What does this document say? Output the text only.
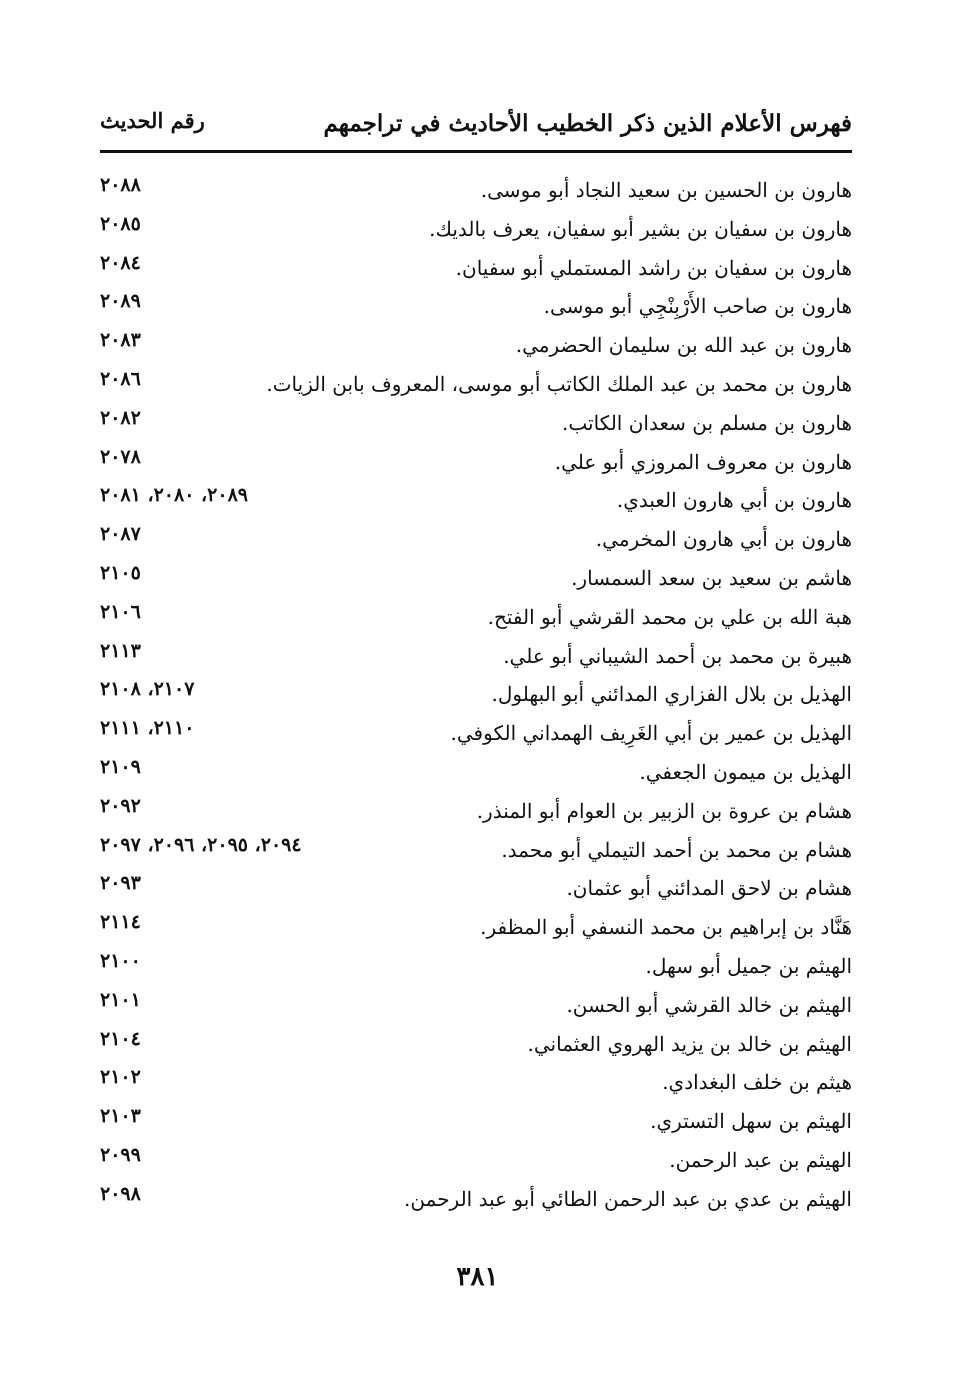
فهرس الأعلام الذين ذكر الخطيب الأحاديث في تراجمهم
رقم الحديث
هارون بن الحسين بن سعيد النجاد أبو موسى.
٢٠٨٨
هارون بن سفيان بن بشير أبو سفيان، يعرف بالديك.
٢٠٨٥
هارون بن سفيان بن راشد المستملي أبو سفيان.
٢٠٨٤
هارون بن صاحب الأَرْبِنْجِي أبو موسى.
٢٠٨٩
هارون بن عبد الله بن سليمان الحضرمي.
٢٠٨٣
هارون بن محمد بن عبد الملك الكاتب أبو موسى، المعروف بابن الزيات.
٢٠٨٦
هارون بن مسلم بن سعدان الكاتب.
٢٠٨٢
هارون بن معروف المروزي أبو علي.
٢٠٧٨
هارون بن أبي هارون العبدي.
٢٠٨٩، ٢٠٨٠، ٢٠٨١
هارون بن أبي هارون المخرمي.
٢٠٨٧
هاشم بن سعيد بن سعد السمسار.
٢١٠٥
هبة الله بن علي بن محمد القرشي أبو الفتح.
٢١٠٦
هبيرة بن محمد بن أحمد الشيباني أبو علي.
٢١١٣
الهذيل بن بلال الفزاري المدائني أبو البهلول.
٢١٠٧، ٢١٠٨
الهذيل بن عمير بن أبي الغَرِيف الهمداني الكوفي.
٢١١٠، ٢١١١
الهذيل بن ميمون الجعفي.
٢١٠٩
هشام بن عروة بن الزبير بن العوام أبو المنذر.
٢٠٩٢
هشام بن محمد بن أحمد التيملي أبو محمد.
٢٠٩٤، ٢٠٩٥، ٢٠٩٦، ٢٠٩٧
هشام بن لاحق المدائني أبو عثمان.
٢٠٩٣
هَنَّاد بن إبراهيم بن محمد النسفي أبو المظفر.
٢١١٤
الهيثم بن جميل أبو سهل.
٢١٠٠
الهيثم بن خالد القرشي أبو الحسن.
٢١٠١
الهيثم بن خالد بن يزيد الهروي العثماني.
٢١٠٤
هيثم بن خلف البغدادي.
٢١٠٢
الهيثم بن سهل التستري.
٢١٠٣
الهيثم بن عبد الرحمن.
٢٠٩٩
الهيثم بن عدي بن عبد الرحمن الطائي أبو عبد الرحمن.
٢٠٩٨
٣٨١
